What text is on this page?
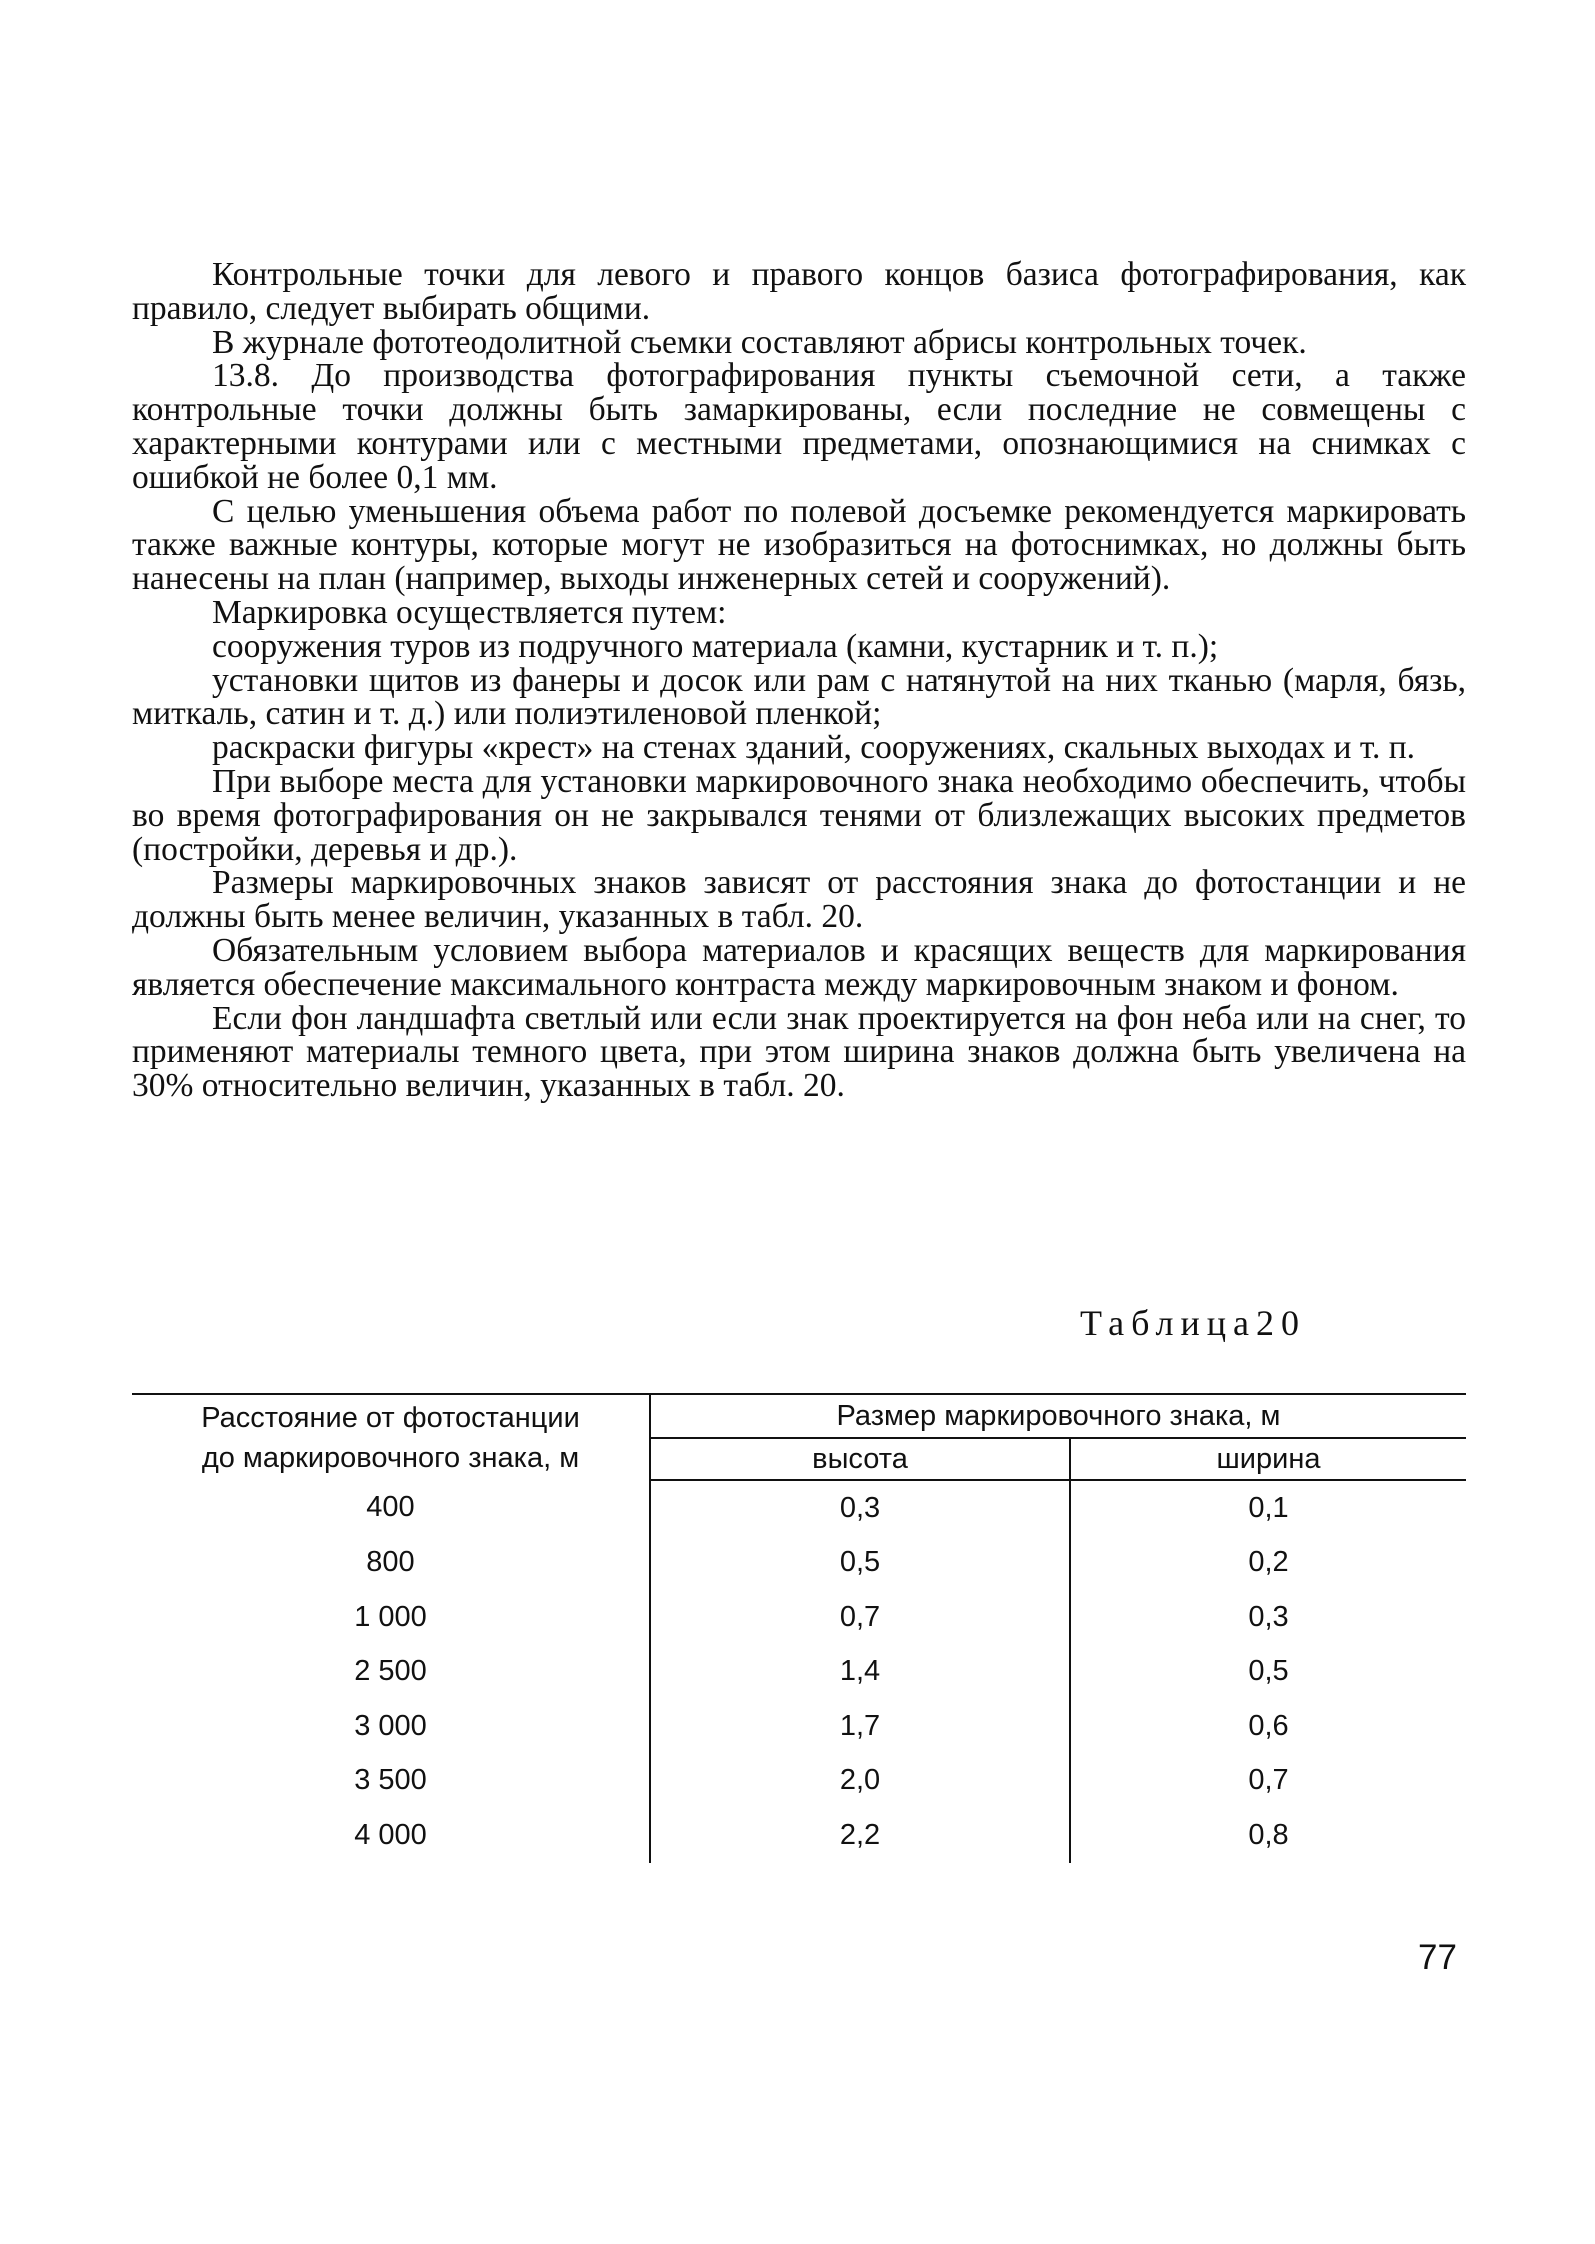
Контрольные точки для левого и правого концов базиса фотографирования, как правило, следует выбирать общими.

В журнале фототеодолитной съемки составляют абрисы контрольных точек.

13.8. До производства фотографирования пункты съемочной сети, а также контрольные точки должны быть замаркированы, если последние не совмещены с характерными контурами или с местными предметами, опознающимися на снимках с ошибкой не более 0,1 мм.

С целью уменьшения объема работ по полевой досъемке рекомендуется маркировать также важные контуры, которые могут не изобразиться на фотоснимках, но должны быть нанесены на план (например, выходы инженерных сетей и сооружений).

Маркировка осуществляется путем:

сооружения туров из подручного материала (камни, кустарник и т. п.);

установки щитов из фанеры и досок или рам с натянутой на них тканью (марля, бязь, миткаль, сатин и т. д.) или полиэтиленовой пленкой;

раскраски фигуры «крест» на стенах зданий, сооружениях, скальных выходах и т. п.

При выборе места для установки маркировочного знака необходимо обеспечить, чтобы во время фотографирования он не закрывался тенями от близлежащих высоких предметов (постройки, деревья и др.).

Размеры маркировочных знаков зависят от расстояния знака до фотостанции и не должны быть менее величин, указанных в табл. 20.

Обязательным условием выбора материалов и красящих веществ для маркирования является обеспечение максимального контраста между маркировочным знаком и фоном.

Если фон ландшафта светлый или если знак проектируется на фон неба или на снег, то применяют материалы темного цвета, при этом ширина знаков должна быть увеличена на 30% относительно величин, указанных в табл. 20.

Таблица20
Расстояние от фотостанции
до маркировочного знака, м	Размер маркировочного знака, м	
	высота	ширина
400	0,3	0,1
800	0,5	0,2
1 000	0,7	0,3
2 500	1,4	0,5
3 000	1,7	0,6
3 500	2,0	0,7
4 000	2,2	0,8
77
